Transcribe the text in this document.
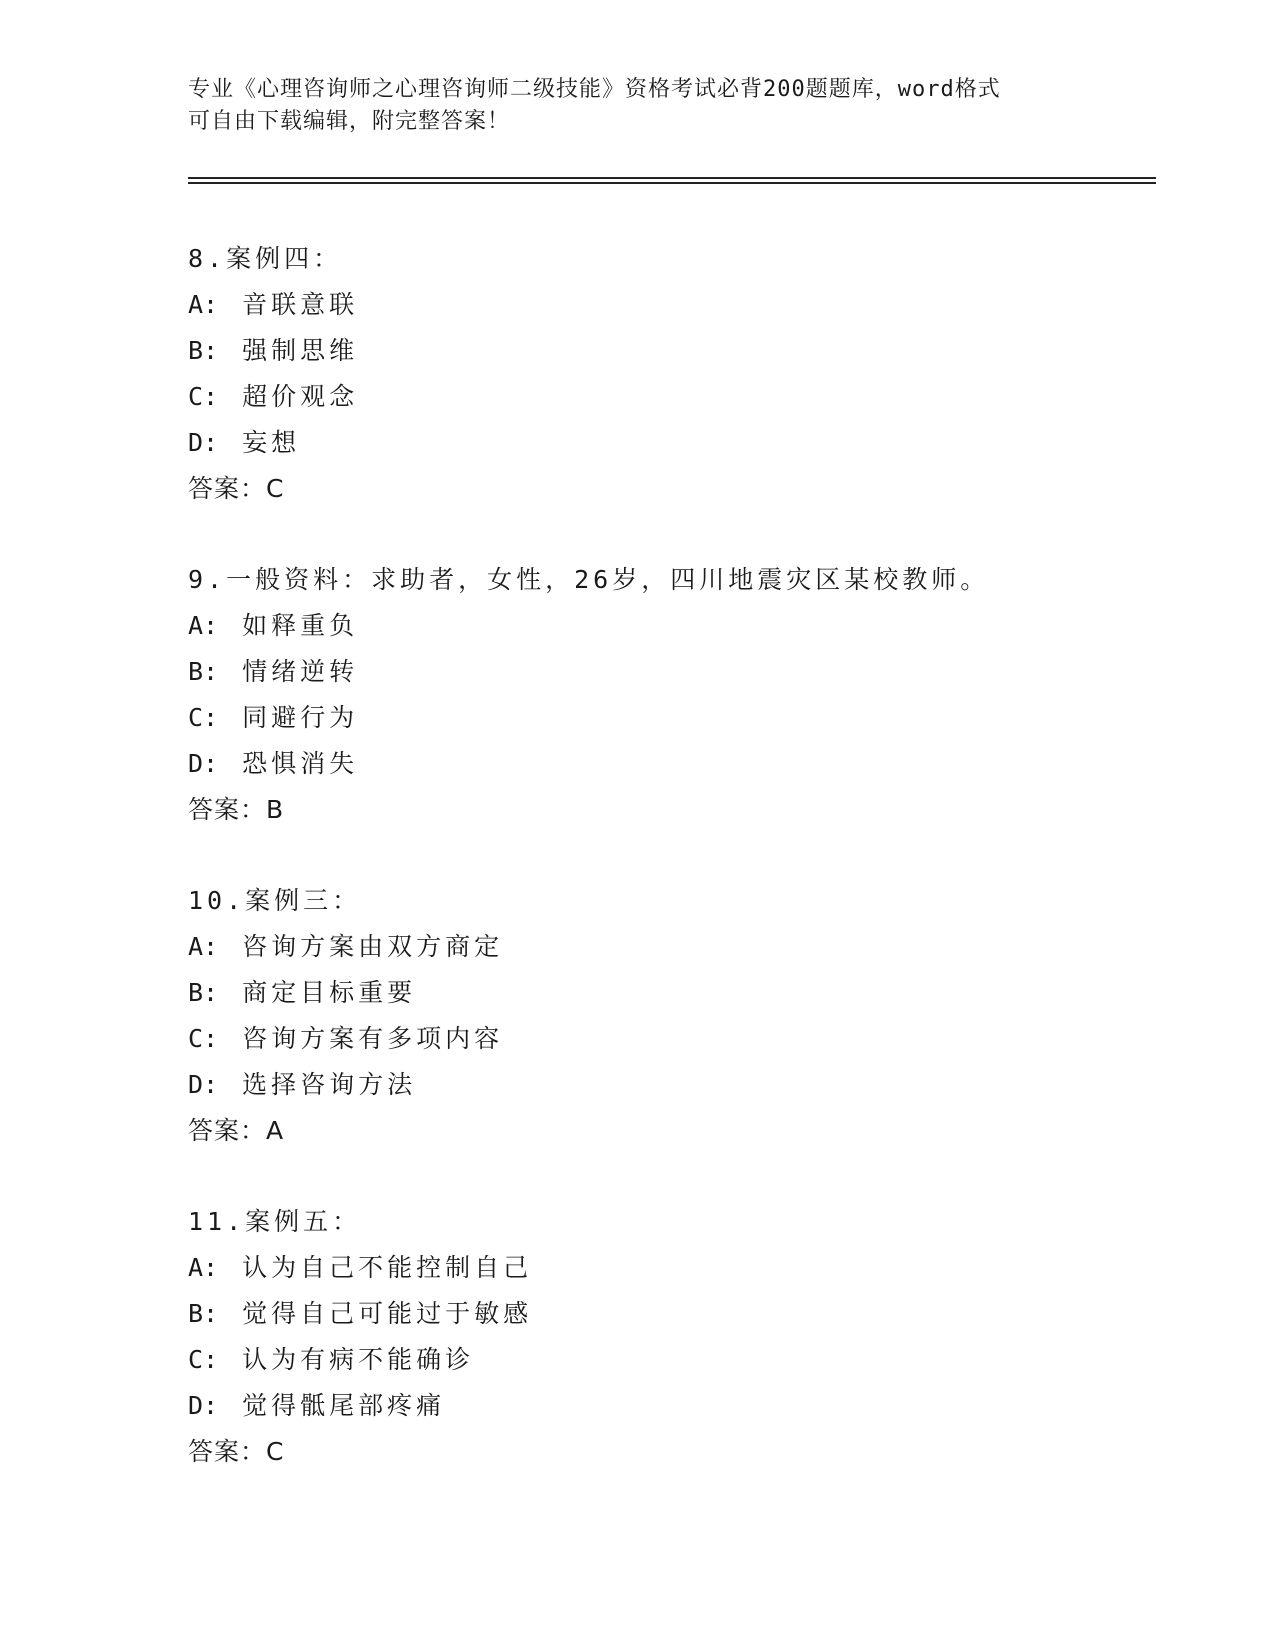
专业《心理咨询师之心理咨询师二级技能》资格考试必背200题题库，word格式
可自由下载编辑，附完整答案！
8.案例四：
A: 音联意联
B: 强制思维
C: 超价观念
D: 妄想
答案：C
9.一般资料：求助者，女性，26岁，四川地震灾区某校教师。
A: 如释重负
B: 情绪逆转
C: 同避行为
D: 恐惧消失
答案：B
10.案例三：
A: 咨询方案由双方商定
B: 商定目标重要
C: 咨询方案有多项内容
D: 选择咨询方法
答案：A
11.案例五：
A: 认为自己不能控制自己
B: 觉得自己可能过于敏感
C: 认为有病不能确诊
D: 觉得骶尾部疼痛
答案：C
